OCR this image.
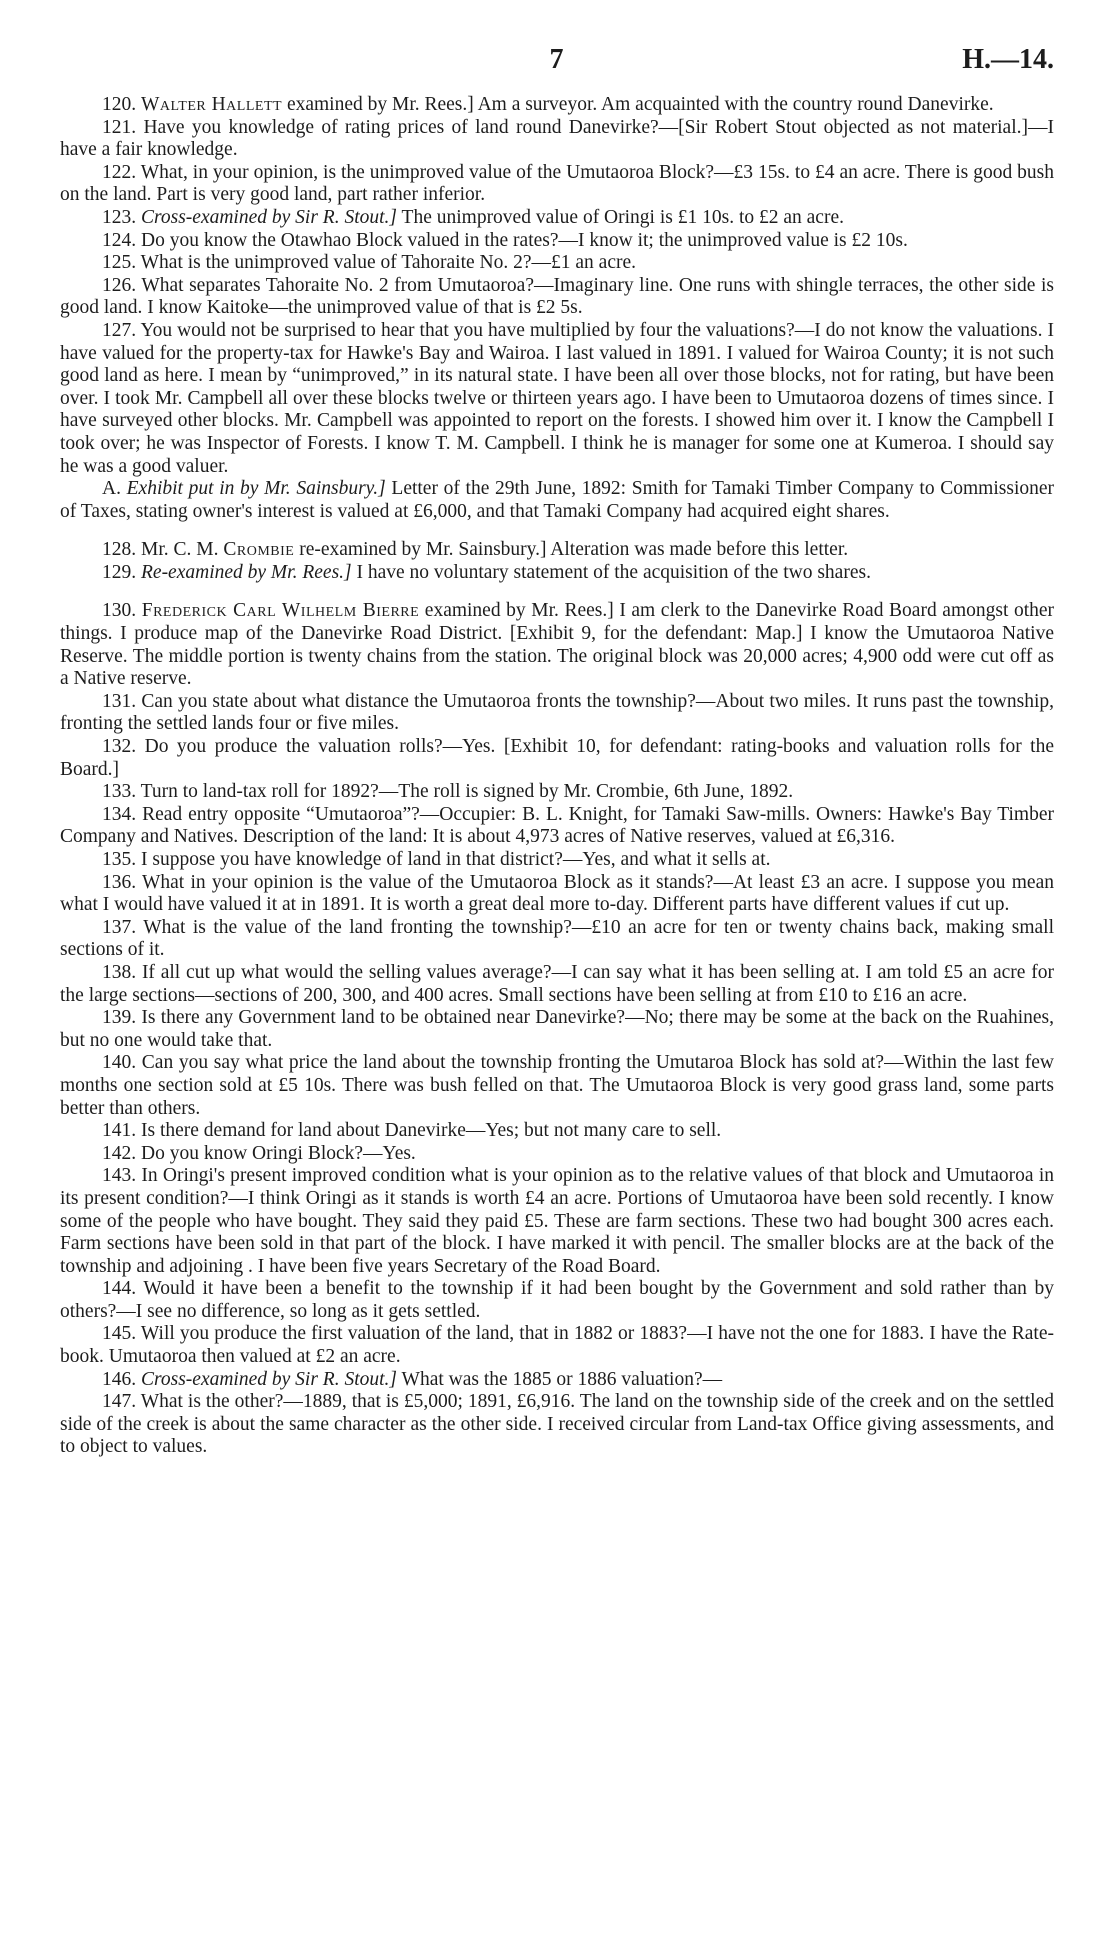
7	H.—14.

120. Walter Hallett examined by Mr. Rees.] Am a surveyor. Am acquainted with the country round Danevirke.

121. Have you knowledge of rating prices of land round Danevirke?—[Sir Robert Stout objected as not material.]—I have a fair knowledge.

122. What, in your opinion, is the unimproved value of the Umutaoroa Block?—£3 15s. to £4 an acre. There is good bush on the land. Part is very good land, part rather inferior.

123. Cross-examined by Sir R. Stout.] The unimproved value of Oringi is £1 10s. to £2 an acre.

124. Do you know the Otawhao Block valued in the rates?—I know it; the unimproved value is £2 10s.

125. What is the unimproved value of Tahoraite No. 2?—£1 an acre.

126. What separates Tahoraite No. 2 from Umutaoroa?—Imaginary line. One runs with shingle terraces, the other side is good land. I know Kaitoke—the unimproved value of that is £2 5s.

127. You would not be surprised to hear that you have multiplied by four the valuations?—I do not know the valuations. I have valued for the property-tax for Hawke's Bay and Wairoa. I last valued in 1891. I valued for Wairoa County; it is not such good land as here. I mean by “unimproved,” in its natural state. I have been all over those blocks, not for rating, but have been over. I took Mr. Campbell all over these blocks twelve or thirteen years ago. I have been to Umutaoroa dozens of times since. I have surveyed other blocks. Mr. Campbell was appointed to report on the forests. I showed him over it. I know the Campbell I took over; he was Inspector of Forests. I know T. M. Campbell. I think he is manager for some one at Kumeroa. I should say he was a good valuer.

A. Exhibit put in by Mr. Sainsbury.] Letter of the 29th June, 1892: Smith for Tamaki Timber Company to Commissioner of Taxes, stating owner's interest is valued at £6,000, and that Tamaki Company had acquired eight shares.

128. Mr. C. M. Crombie re-examined by Mr. Sainsbury.] Alteration was made before this letter.

129. Re-examined by Mr. Rees.] I have no voluntary statement of the acquisition of the two shares.

130. Frederick Carl Wilhelm Bierre examined by Mr. Rees.] I am clerk to the Danevirke Road Board amongst other things. I produce map of the Danevirke Road District. [Exhibit 9, for the defendant: Map.] I know the Umutaoroa Native Reserve. The middle portion is twenty chains from the station. The original block was 20,000 acres; 4,900 odd were cut off as a Native reserve.

131. Can you state about what distance the Umutaoroa fronts the township?—About two miles. It runs past the township, fronting the settled lands four or five miles.

132. Do you produce the valuation rolls?—Yes. [Exhibit 10, for defendant: rating-books and valuation rolls for the Board.]

133. Turn to land-tax roll for 1892?—The roll is signed by Mr. Crombie, 6th June, 1892.

134. Read entry opposite “Umutaoroa”?—Occupier: B. L. Knight, for Tamaki Saw-mills. Owners: Hawke's Bay Timber Company and Natives. Description of the land: It is about 4,973 acres of Native reserves, valued at £6,316.

135. I suppose you have knowledge of land in that district?—Yes, and what it sells at.

136. What in your opinion is the value of the Umutaoroa Block as it stands?—At least £3 an acre. I suppose you mean what I would have valued it at in 1891. It is worth a great deal more to-day. Different parts have different values if cut up.

137. What is the value of the land fronting the township?—£10 an acre for ten or twenty chains back, making small sections of it.

138. If all cut up what would the selling values average?—I can say what it has been selling at. I am told £5 an acre for the large sections—sections of 200, 300, and 400 acres. Small sections have been selling at from £10 to £16 an acre.

139. Is there any Government land to be obtained near Danevirke?—No; there may be some at the back on the Ruahines, but no one would take that.

140. Can you say what price the land about the township fronting the Umutaroa Block has sold at?—Within the last few months one section sold at £5 10s. There was bush felled on that. The Umutaoroa Block is very good grass land, some parts better than others.

141. Is there demand for land about Danevirke—Yes; but not many care to sell.

142. Do you know Oringi Block?—Yes.

143. In Oringi's present improved condition what is your opinion as to the relative values of that block and Umutaoroa in its present condition?—I think Oringi as it stands is worth £4 an acre. Portions of Umutaoroa have been sold recently. I know some of the people who have bought. They said they paid £5. These are farm sections. These two had bought 300 acres each. Farm sections have been sold in that part of the block. I have marked it with pencil. The smaller blocks are at the back of the township and adjoining . I have been five years Secretary of the Road Board.

144. Would it have been a benefit to the township if it had been bought by the Government and sold rather than by others?—I see no difference, so long as it gets settled.

145. Will you produce the first valuation of the land, that in 1882 or 1883?—I have not the one for 1883. I have the Rate-book. Umutaoroa then valued at £2 an acre.

146. Cross-examined by Sir R. Stout.] What was the 1885 or 1886 valuation?—

147. What is the other?—1889, that is £5,000; 1891, £6,916. The land on the township side of the creek and on the settled side of the creek is about the same character as the other side. I received circular from Land-tax Office giving assessments, and to object to values.
